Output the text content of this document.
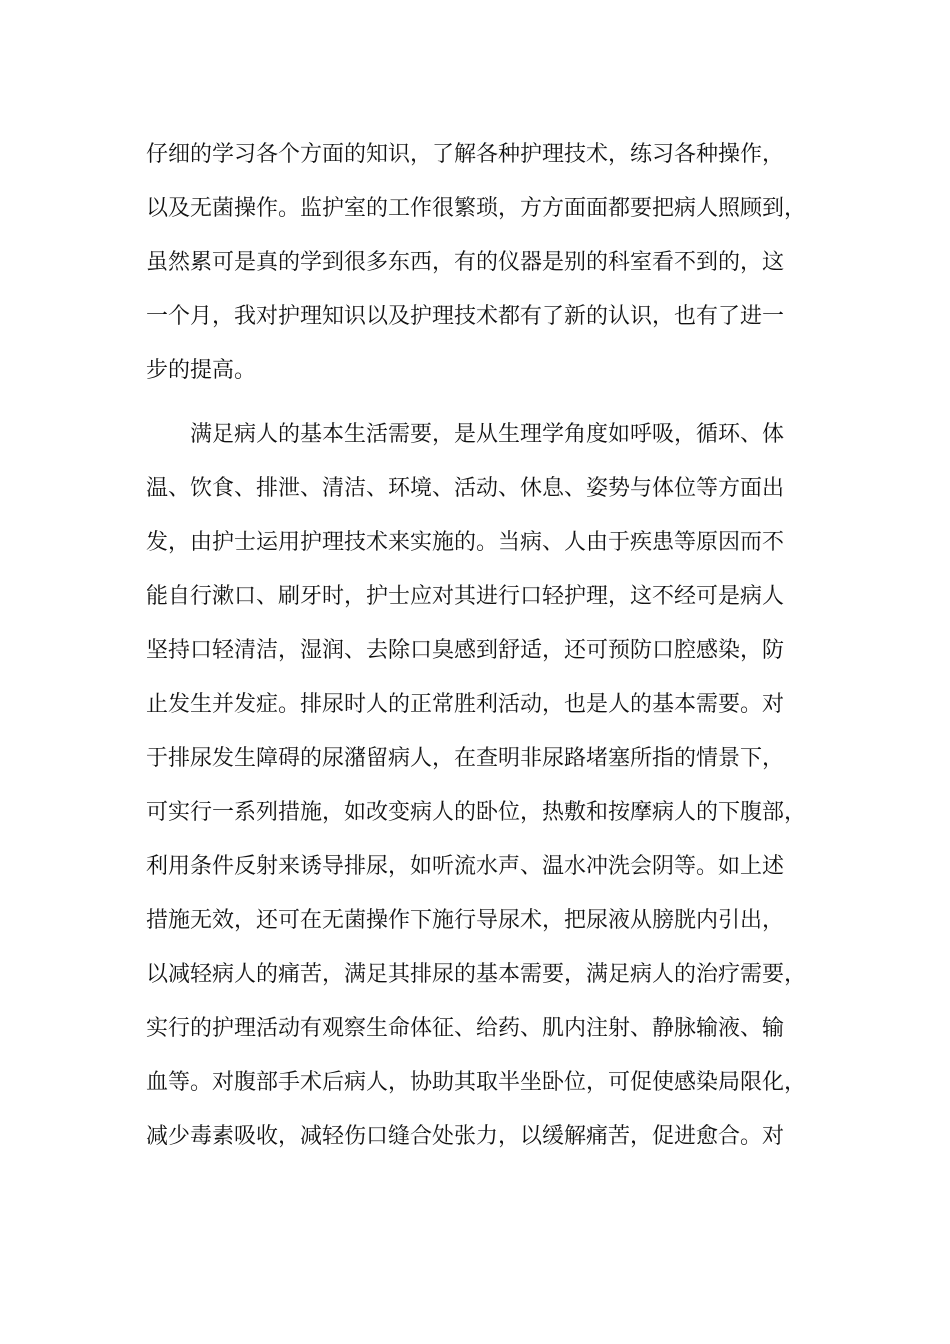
仔细的学习各个方面的知识，了解各种护理技术，练习各种操作，
以及无菌操作。监护室的工作很繁琐，方方面面都要把病人照顾到，
虽然累可是真的学到很多东西，有的仪器是别的科室看不到的，这
一个月，我对护理知识以及护理技术都有了新的认识，也有了进一
步的提高。
满足病人的基本生活需要，是从生理学角度如呼吸，循环、体
温、饮食、排泄、清洁、环境、活动、休息、姿势与体位等方面出
发，由护士运用护理技术来实施的。当病、人由于疾患等原因而不
能自行漱口、刷牙时，护士应对其进行口轻护理，这不经可是病人
坚持口轻清洁，湿润、去除口臭感到舒适，还可预防口腔感染，防
止发生并发症。排尿时人的正常胜利活动，也是人的基本需要。对
于排尿发生障碍的尿潴留病人，在查明非尿路堵塞所指的情景下，
可实行一系列措施，如改变病人的卧位，热敷和按摩病人的下腹部，
利用条件反射来诱导排尿，如听流水声、温水冲洗会阴等。如上述
措施无效，还可在无菌操作下施行导尿术，把尿液从膀胱内引出，
以减轻病人的痛苦，满足其排尿的基本需要，满足病人的治疗需要，
实行的护理活动有观察生命体征、给药、肌内注射、静脉输液、输
血等。对腹部手术后病人，协助其取半坐卧位，可促使感染局限化，
减少毒素吸收，减轻伤口缝合处张力，以缓解痛苦，促进愈合。对
